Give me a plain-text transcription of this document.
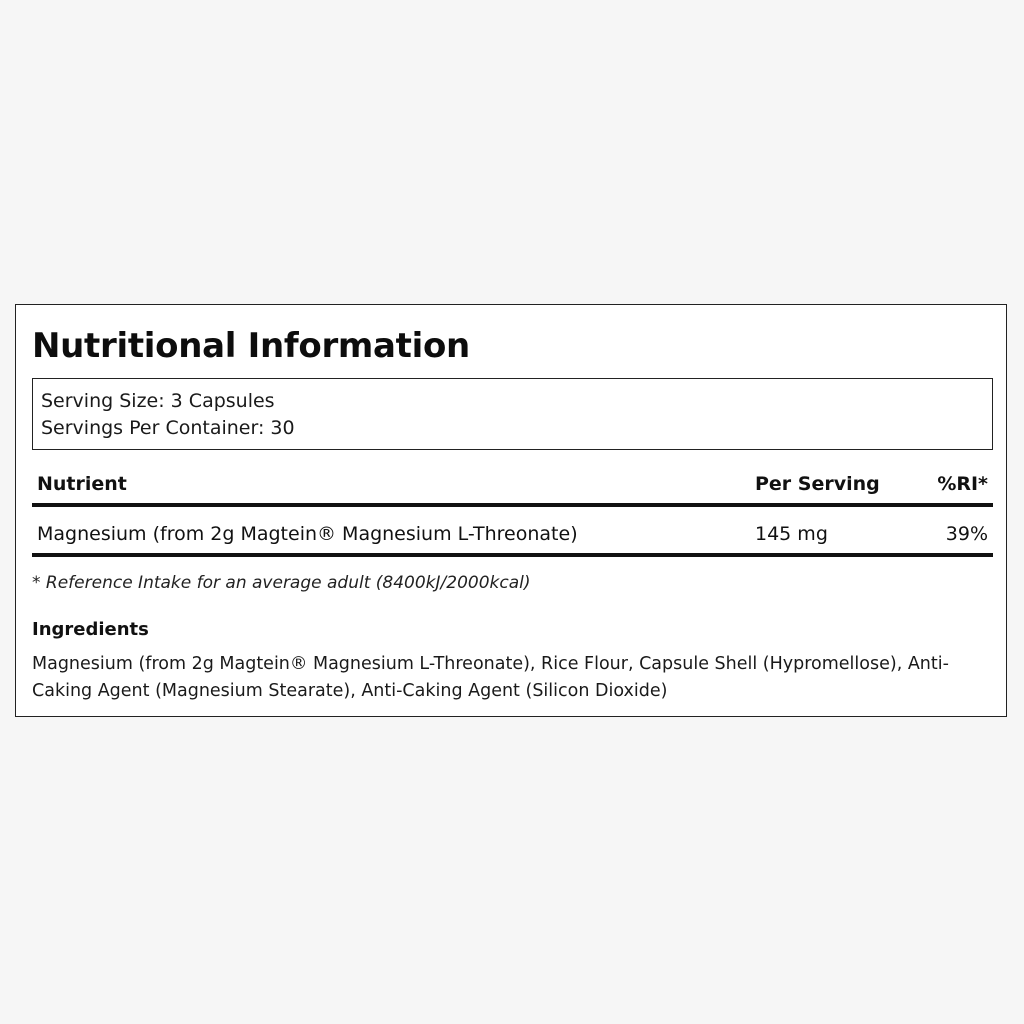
Nutritional Information
Serving Size: 3 Capsules
Servings Per Container: 30
Nutrient	Per Serving	%RI*
Magnesium (from 2g Magtein® Magnesium L-Threonate)	145 mg	39%
* Reference Intake for an average adult (8400kJ/2000kcal)
Ingredients

Magnesium (from 2g Magtein® Magnesium L-Threonate), Rice Flour, Capsule Shell (Hypromellose), Anti-Caking Agent (Magnesium Stearate), Anti-Caking Agent (Silicon Dioxide)
